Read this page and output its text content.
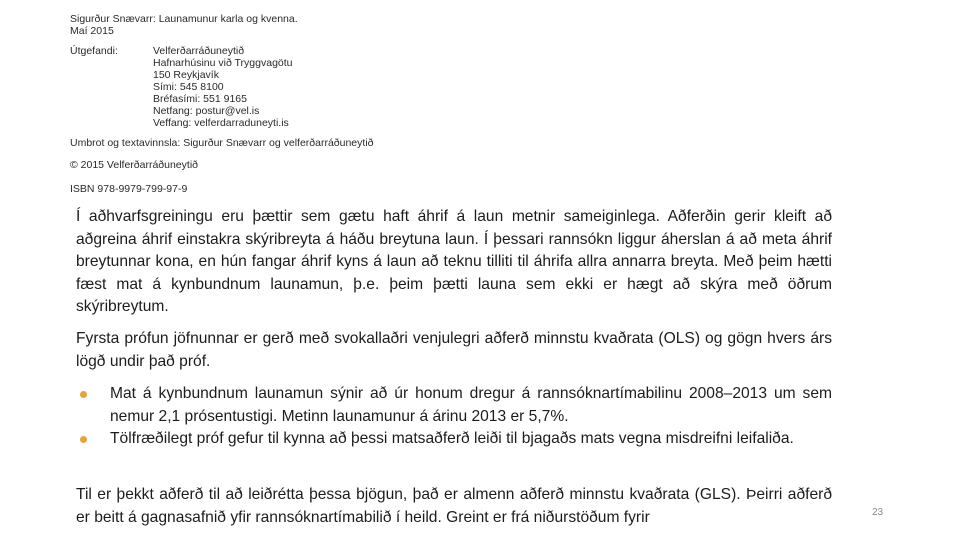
Sigurður Snævarr: Launamunur karla og kvenna.
Maí 2015
Útgefandi:	Velferðarráðuneytið
Hafnarhúsinu við Tryggvagötu
150 Reykjavík
Sími: 545 8100
Bréfasími: 551 9165
Netfang: postur@vel.is
Veffang: velferdarraduneyti.is
Umbrot og textavinnsla: Sigurður Snævarr og velferðarráðuneytið
© 2015 Velferðarráðuneytið
ISBN 978-9979-799-97-9
Í aðhvarfsgreiningu eru þættir sem gætu haft áhrif á laun metnir sameiginlega. Aðferðin gerir kleift að aðgreina áhrif einstakra skýribreyta á háðu breytuna laun. Í þessari rannsókn liggur áherslan á að meta áhrif breytunnar kona, en hún fangar áhrif kyns á laun að teknu tilliti til áhrifa allra annarra breyta. Með þeim hætti fæst mat á kynbundnum launamun, þ.e. þeim þætti launa sem ekki er hægt að skýra með öðrum skýribreytum.
Fyrsta prófun jöfnunnar er gerð með svokallaðri venjulegri aðferð minnstu kvaðrata (OLS) og gögn hvers árs lögð undir það próf.
Mat á kynbundnum launamun sýnir að úr honum dregur á rannsóknartímabilinu 2008–2013 um sem nemur 2,1 prósentustigi. Metinn launamunur á árinu 2013 er 5,7%.
Tölfræðilegt próf gefur til kynna að þessi matsaðferð leiði til bjagaðs mats vegna misdreifni leifaliða.
Til er þekkt aðferð til að leiðrétta þessa bjögun, það er almenn aðferð minnstu kvaðrata (GLS). Þeirri aðferð er beitt á gagnasafnið yfir rannsóknartímabilið í heild. Greint er frá niðurstöðum fyrir	23
